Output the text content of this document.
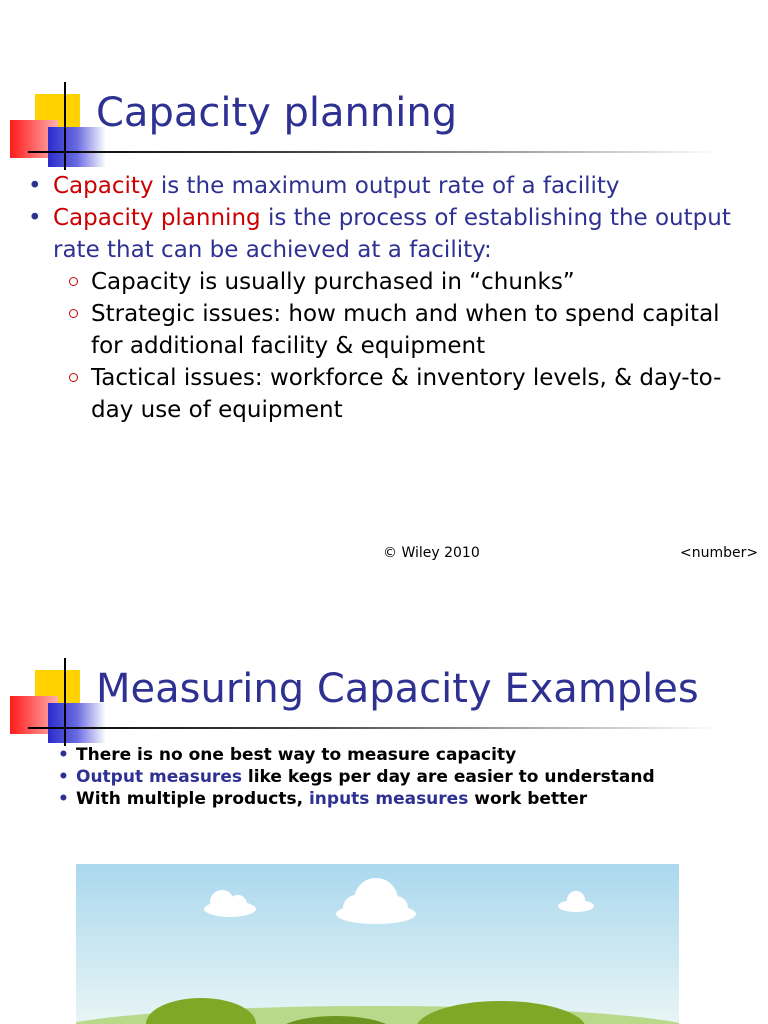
Capacity planning
• Capacity is the maximum output rate of a facility
• Capacity planning is the process of establishing the output rate that can be achieved at a facility:
Capacity is usually purchased in “chunks”
Strategic issues: how much and when to spend capital for additional facility & equipment
Tactical issues: workforce & inventory levels, & day-to-day use of equipment
© Wiley 2010	<number>
Measuring Capacity Examples
• There is no one best way to measure capacity
• Output measures like kegs per day are easier to understand
• With multiple products, inputs measures work better
